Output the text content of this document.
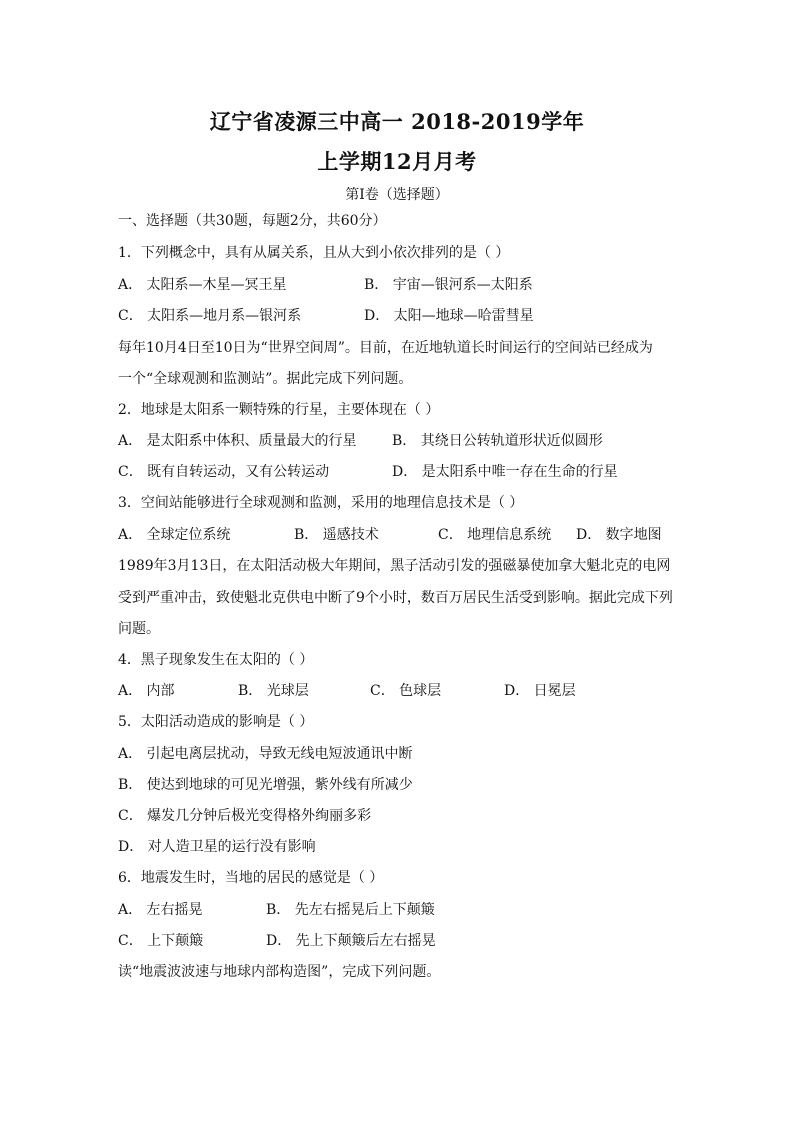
辽宁省凌源三中高一 2018-2019学年
上学期12月月考
第Ⅰ卷（选择题）
一、选择题（共30题，每题2分，共60分）
1．下列概念中，具有从属关系，且从大到小依次排列的是（ ）
A． 太阳系—木星—冥王星	B． 宇宙—银河系—太阳系
C． 太阳系—地月系—银河系	D． 太阳—地球—哈雷彗星
每年10月4日至10日为“世界空间周”。目前，在近地轨道长时间运行的空间站已经成为
一个“全球观测和监测站”。据此完成下列问题。
2．地球是太阳系一颗特殊的行星，主要体现在（ ）
A． 是太阳系中体积、质量最大的行星	B． 其绕日公转轨道形状近似圆形
C． 既有自转运动，又有公转运动	D． 是太阳系中唯一存在生命的行星
3．空间站能够进行全球观测和监测，采用的地理信息技术是（ ）
A． 全球定位系统	B． 遥感技术	C． 地理信息系统 D． 数字地图
1989年3月13日，在太阳活动极大年期间，黑子活动引发的强磁暴使加拿大魁北克的电网
受到严重冲击，致使魁北克供电中断了9个小时，数百万居民生活受到影响。据此完成下列
问题。
4．黑子现象发生在太阳的（ ）
A． 内部	B． 光球层	C． 色球层	D． 日冕层
5．太阳活动造成的影响是（ ）
A． 引起电离层扰动，导致无线电短波通讯中断
B． 使达到地球的可见光增强，紫外线有所减少
C． 爆发几分钟后极光变得格外绚丽多彩
D． 对人造卫星的运行没有影响
6．地震发生时，当地的居民的感觉是（ ）
A． 左右摇晃	B． 先左右摇晃后上下颠簸
C． 上下颠簸	D． 先上下颠簸后左右摇晃
读“地震波波速与地球内部构造图”，完成下列问题。
